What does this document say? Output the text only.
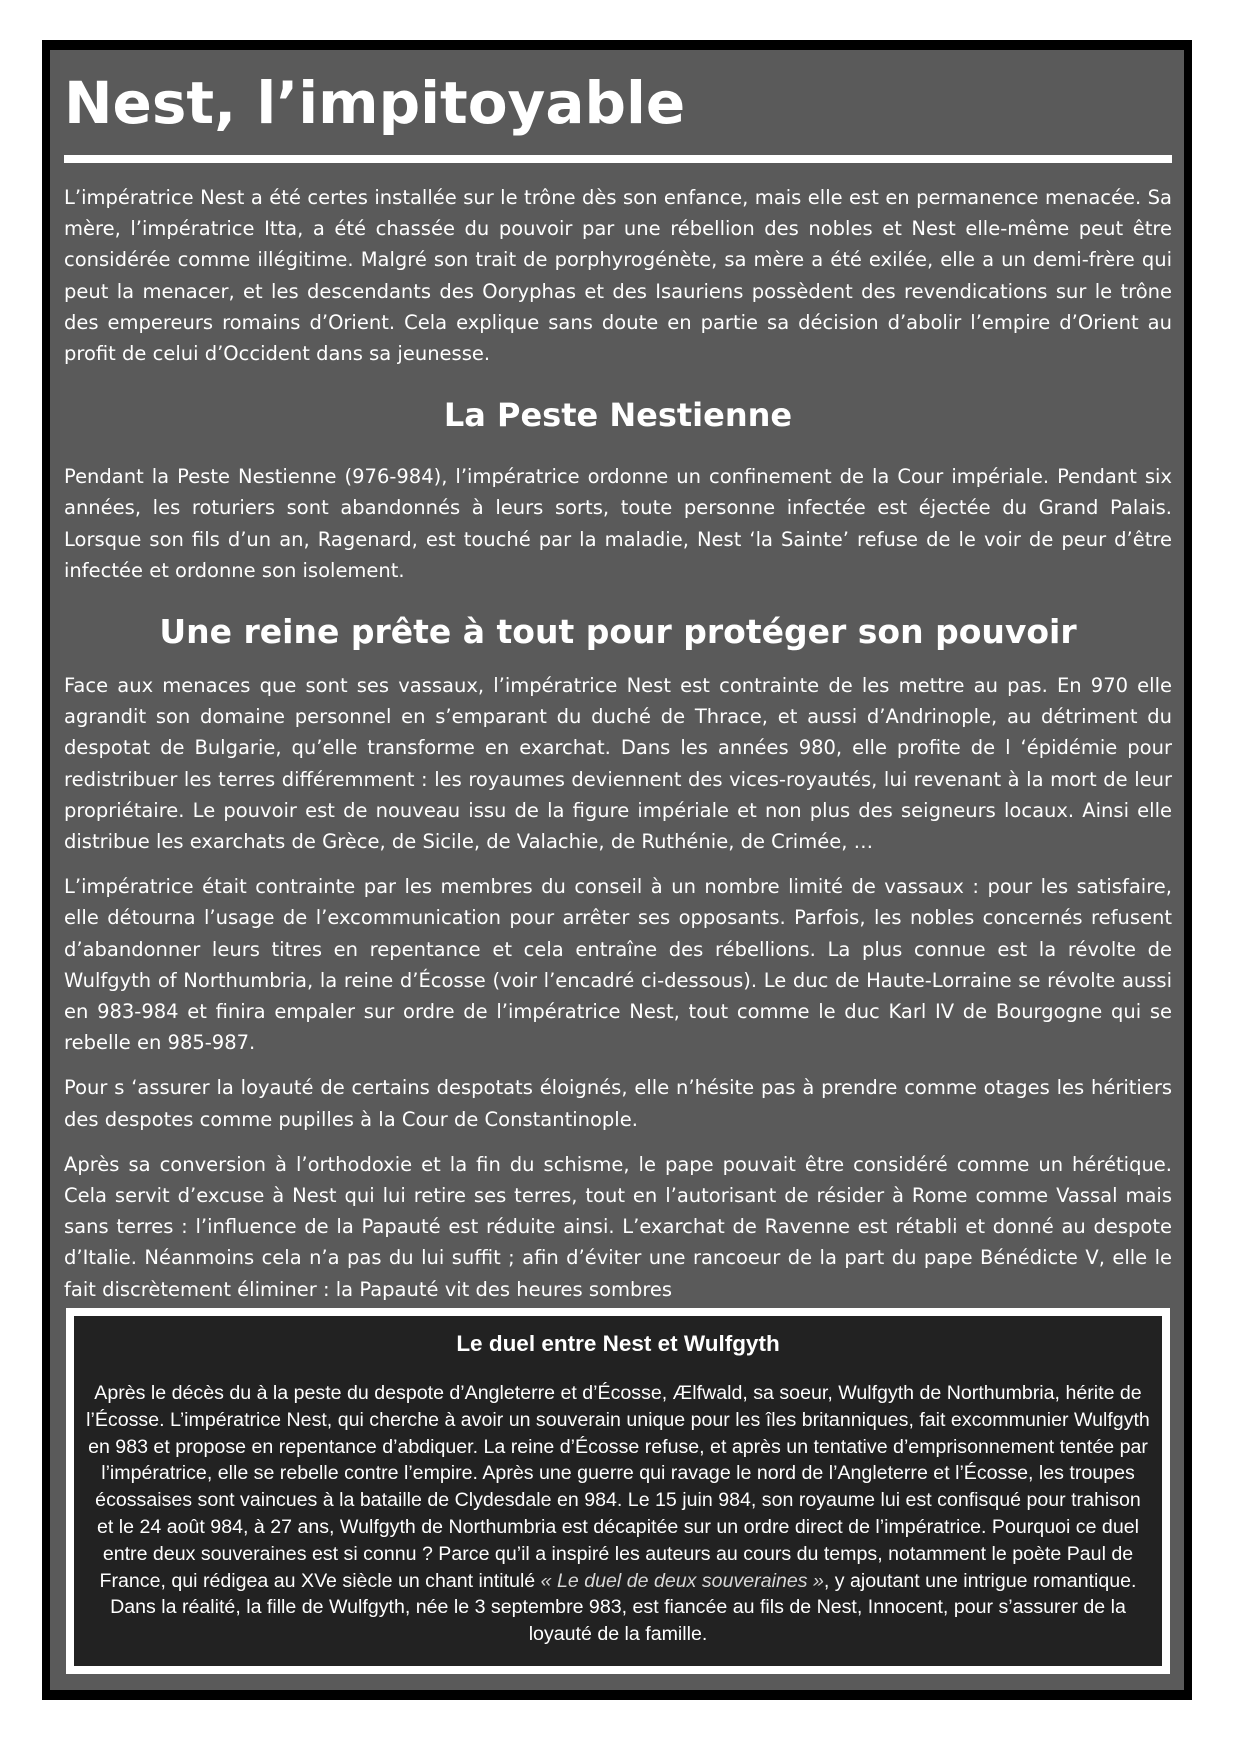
Nest, l’impitoyable

L’impératrice Nest a été certes installée sur le trône dès son enfance, mais elle est en permanence menacée. Sa mère, l’impératrice Itta, a été chassée du pouvoir par une rébellion des nobles et Nest elle-même peut être considérée comme illégitime. Malgré son trait de porphyrogénète, sa mère a été exilée, elle a un demi-frère qui peut la menacer, et les descendants des Ooryphas et des Isauriens possèdent des revendications sur le trône des empereurs romains d’Orient. Cela explique sans doute en partie sa décision d’abolir l’empire d’Orient au profit de celui d’Occident dans sa jeunesse.

La Peste Nestienne

Pendant la Peste Nestienne (976-984), l’impératrice ordonne un confinement de la Cour impériale. Pendant six années, les roturiers sont abandonnés à leurs sorts, toute personne infectée est éjectée du Grand Palais. Lorsque son fils d’un an, Ragenard, est touché par la maladie, Nest ‘la Sainte’ refuse de le voir de peur d’être infectée et ordonne son isolement.

Une reine prête à tout pour protéger son pouvoir

Face aux menaces que sont ses vassaux, l’impératrice Nest est contrainte de les mettre au pas. En 970 elle agrandit son domaine personnel en s’emparant du duché de Thrace, et aussi d’Andrinople, au détriment du despotat de Bulgarie, qu’elle transforme en exarchat. Dans les années 980, elle profite de l ‘épidémie pour redistribuer les terres différemment : les royaumes deviennent des vices-royautés, lui revenant à la mort de leur propriétaire. Le pouvoir est de nouveau issu de la figure impériale et non plus des seigneurs locaux. Ainsi elle distribue les exarchats de Grèce, de Sicile, de Valachie, de Ruthénie, de Crimée, …

L’impératrice était contrainte par les membres du conseil à un nombre limité de vassaux : pour les satisfaire, elle détourna l’usage de l’excommunication pour arrêter ses opposants. Parfois, les nobles concernés refusent d’abandonner leurs titres en repentance et cela entraîne des rébellions. La plus connue est la révolte de Wulfgyth of Northumbria, la reine d’Écosse (voir l’encadré ci-dessous). Le duc de Haute-Lorraine se révolte aussi en 983-984 et finira empaler sur ordre de l’impératrice Nest, tout comme le duc Karl IV de Bourgogne qui se rebelle en 985-987.

Pour s ‘assurer la loyauté de certains despotats éloignés, elle n’hésite pas à prendre comme otages les héritiers des despotes comme pupilles à la Cour de Constantinople.

Après sa conversion à l’orthodoxie et la fin du schisme, le pape pouvait être considéré comme un hérétique. Cela servit d’excuse à Nest qui lui retire ses terres, tout en l’autorisant de résider à Rome comme Vassal mais sans terres : l’influence de la Papauté est réduite ainsi. L’exarchat de Ravenne est rétabli et donné au despote d’Italie. Néanmoins cela n’a pas du lui suffit ; afin d’éviter une rancoeur de la part du pape Bénédicte V, elle le fait discrètement éliminer : la Papauté vit des heures sombres

Le duel entre Nest et Wulfgyth

Après le décès du à la peste du despote d’Angleterre et d’Écosse, Ælfwald, sa soeur, Wulfgyth de Northumbria, hérite de l’Écosse. L’impératrice Nest, qui cherche à avoir un souverain unique pour les îles britanniques, fait excommunier Wulfgyth en 983 et propose en repentance d’abdiquer. La reine d’Écosse refuse, et après un tentative d’emprisonnement tentée par l’impératrice, elle se rebelle contre l’empire. Après une guerre qui ravage le nord de l’Angleterre et l’Écosse, les troupes écossaises sont vaincues à la bataille de Clydesdale en 984. Le 15 juin 984, son royaume lui est confisqué pour trahison et le 24 août 984, à 27 ans, Wulfgyth de Northumbria est décapitée sur un ordre direct de l’impératrice. Pourquoi ce duel entre deux souveraines est si connu ? Parce qu’il a inspiré les auteurs au cours du temps, notamment le poète Paul de France, qui rédigea au XVe siècle un chant intitulé « Le duel de deux souveraines », y ajoutant une intrigue romantique. Dans la réalité, la fille de Wulfgyth, née le 3 septembre 983, est fiancée au fils de Nest, Innocent, pour s’assurer de la loyauté de la famille.
